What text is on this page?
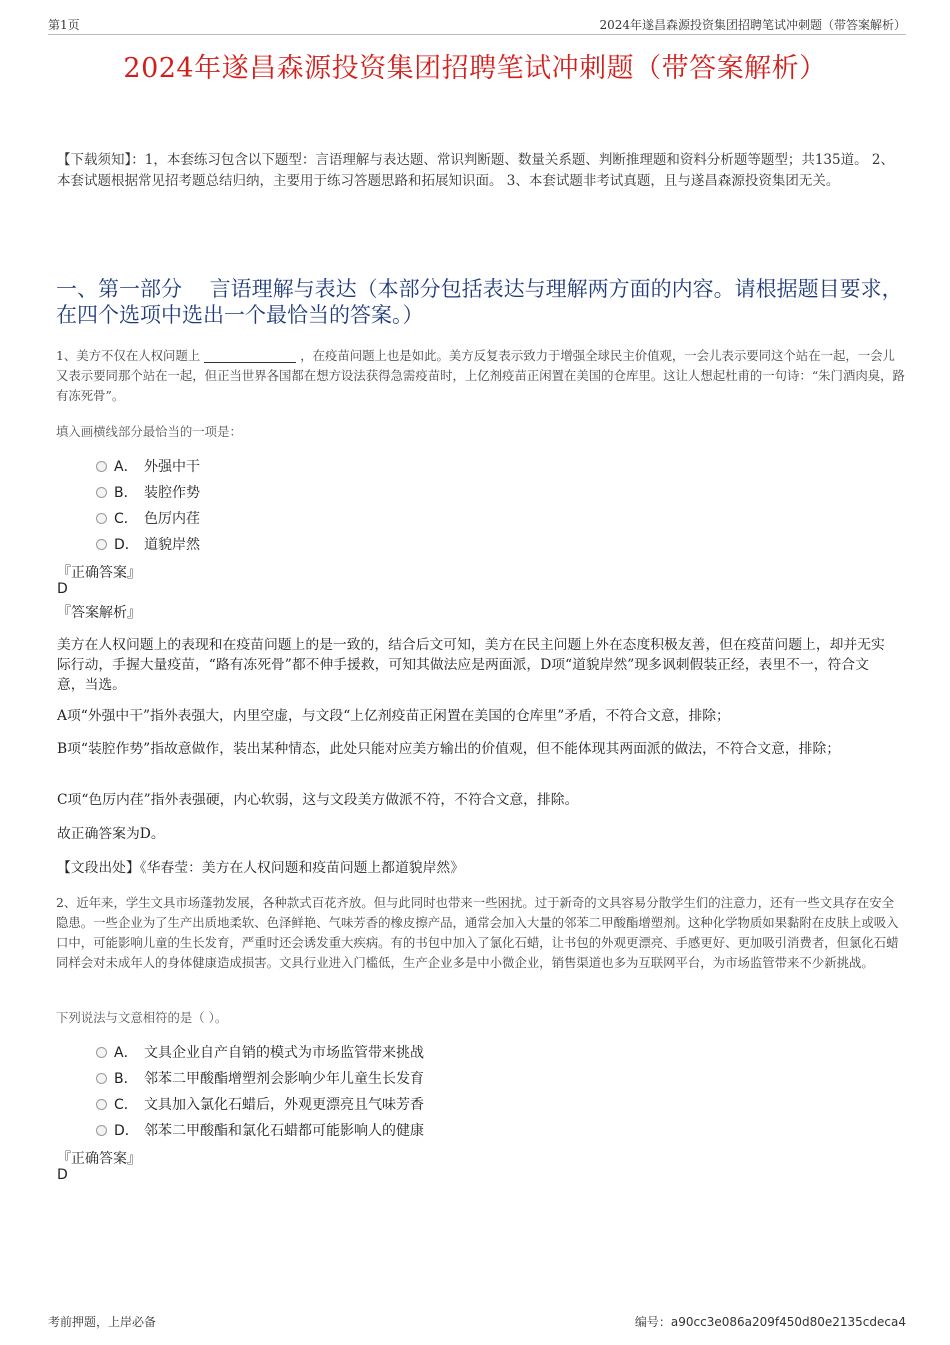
第1页	2024年遂昌森源投资集团招聘笔试冲刺题（带答案解析）
2024年遂昌森源投资集团招聘笔试冲刺题（带答案解析）
【下载须知】：1，本套练习包含以下题型：言语理解与表达题、常识判断题、数量关系题、判断推理题和资料分析题等题型；共135道。 2、本套试题根据常见招考题总结归纳，主要用于练习答题思路和拓展知识面。 3、本套试题非考试真题，且与遂昌森源投资集团无关。
一、第一部分　 言语理解与表达（本部分包括表达与理解两方面的内容。请根据题目要求，在四个选项中选出一个最恰当的答案。）
1、美方不仅在人权问题上	，在疫苗问题上也是如此。美方反复表示致力于增强全球民主价值观，一会儿表示要同这个站在一起，一会儿又表示要同那个站在一起，但正当世界各国都在想方设法获得急需疫苗时，上亿剂疫苗正闲置在美国的仓库里。这让人想起杜甫的一句诗：“朱门酒肉臭，路有冻死骨”。
填入画横线部分最恰当的一项是：
A． 外强中干
B． 装腔作势
C． 色厉内荏
D． 道貌岸然
『正确答案』
D
『答案解析』
美方在人权问题上的表现和在疫苗问题上的是一致的，结合后文可知，美方在民主问题上外在态度积极友善，但在疫苗问题上，却并无实际行动，手握大量疫苗，“路有冻死骨”都不伸手援救，可知其做法应是两面派，D项“道貌岸然”现多讽刺假装正经，表里不一，符合文意，当选。
A项“外强中干”指外表强大，内里空虚，与文段“上亿剂疫苗正闲置在美国的仓库里”矛盾，不符合文意，排除；
B项“装腔作势”指故意做作，装出某种情态，此处只能对应美方输出的价值观，但不能体现其两面派的做法，不符合文意，排除；
C项“色厉内荏”指外表强硬，内心软弱，这与文段美方做派不符，不符合文意，排除。
故正确答案为D。
【文段出处】《华春莹：美方在人权问题和疫苗问题上都道貌岸然》
2、近年来，学生文具市场蓬勃发展，各种款式百花齐放。但与此同时也带来一些困扰。过于新奇的文具容易分散学生们的注意力，还有一些文具存在安全隐患。一些企业为了生产出质地柔软、色泽鲜艳、气味芳香的橡皮擦产品，通常会加入大量的邻苯二甲酸酯增塑剂。这种化学物质如果黏附在皮肤上或吸入口中，可能影响儿童的生长发育，严重时还会诱发重大疾病。有的书包中加入了氯化石蜡，让书包的外观更漂亮、手感更好、更加吸引消费者，但氯化石蜡同样会对未成年人的身体健康造成损害。文具行业进入门槛低，生产企业多是中小微企业，销售渠道也多为互联网平台，为市场监管带来不少新挑战。
下列说法与文意相符的是（ ）。
A． 文具企业自产自销的模式为市场监管带来挑战
B． 邻苯二甲酸酯增塑剂会影响少年儿童生长发育
C． 文具加入氯化石蜡后，外观更漂亮且气味芳香
D． 邻苯二甲酸酯和氯化石蜡都可能影响人的健康
『正确答案』
D
考前押题，上岸必备	编号：a90cc3e086a209f450d80e2135cdeca4
